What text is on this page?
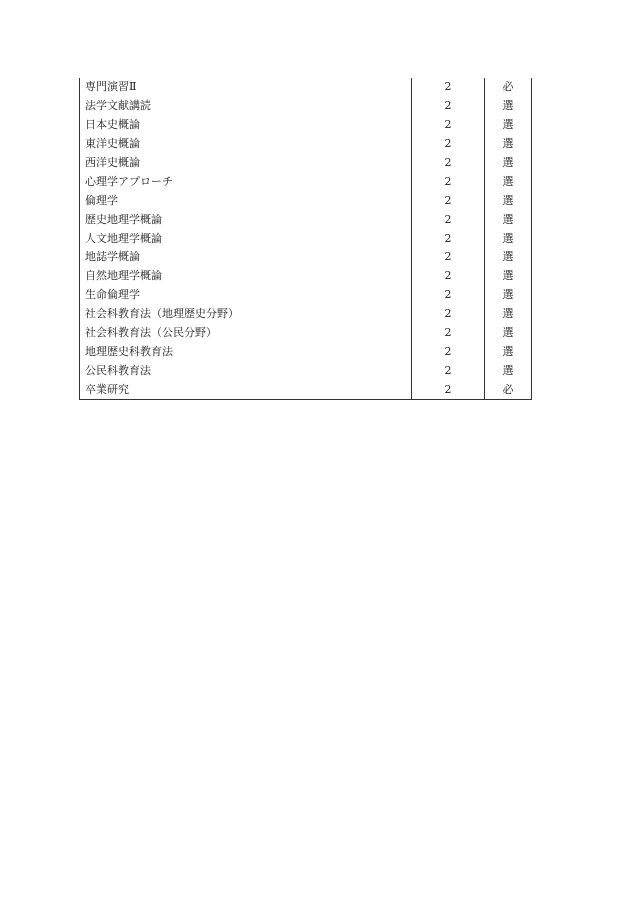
専門演習Ⅱ	2	必
法学文献講読	2	選
日本史概論	2	選
東洋史概論	2	選
西洋史概論	2	選
心理学アプローチ	2	選
倫理学	2	選
歴史地理学概論	2	選
人文地理学概論	2	選
地誌学概論	2	選
自然地理学概論	2	選
生命倫理学	2	選
社会科教育法（地理歴史分野）	2	選
社会科教育法（公民分野）	2	選
地理歴史科教育法	2	選
公民科教育法	2	選
卒業研究	2	必
